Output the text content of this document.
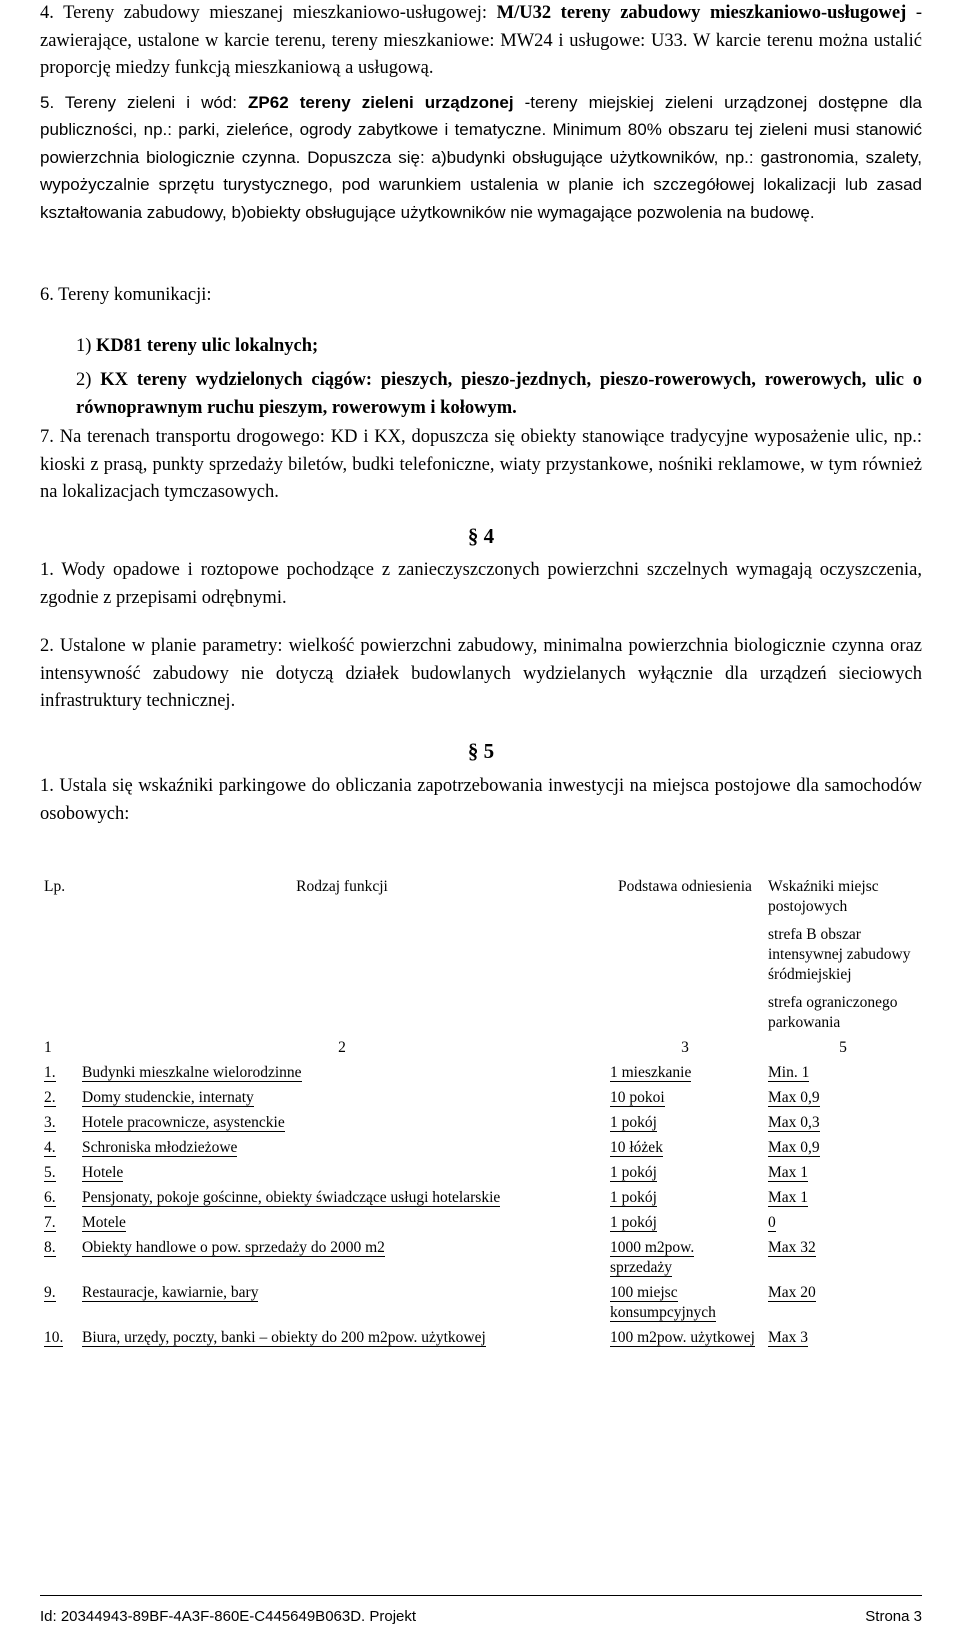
4. Tereny zabudowy mieszanej mieszkaniowo-usługowej: M/U32 tereny zabudowy mieszkaniowo-usługowej - zawierające, ustalone w karcie terenu, tereny mieszkaniowe: MW24 i usługowe: U33. W karcie terenu można ustalić proporcję miedzy funkcją mieszkaniową a usługową.

5. Tereny zieleni i wód: ZP62 tereny zieleni urządzonej -tereny miejskiej zieleni urządzonej dostępne dla publiczności, np.: parki, zieleńce, ogrody zabytkowe i tematyczne. Minimum 80% obszaru tej zieleni musi stanowić powierzchnia biologicznie czynna. Dopuszcza się: a)budynki obsługujące użytkowników, np.: gastronomia, szalety, wypożyczalnie sprzętu turystycznego, pod warunkiem ustalenia w planie ich szczegółowej lokalizacji lub zasad kształtowania zabudowy, b)obiekty obsługujące użytkowników nie wymagające pozwolenia na budowę.

6. Tereny komunikacji:

1) KD81 tereny ulic lokalnych;

2) KX tereny wydzielonych ciągów: pieszych, pieszo-jezdnych, pieszo-rowerowych, rowerowych, ulic o równoprawnym ruchu pieszym, rowerowym i kołowym.

7. Na terenach transportu drogowego: KD i KX, dopuszcza się obiekty stanowiące tradycyjne wyposażenie ulic, np.: kioski z prasą, punkty sprzedaży biletów, budki telefoniczne, wiaty przystankowe, nośniki reklamowe, w tym również na lokalizacjach tymczasowych.

§ 4

1. Wody opadowe i roztopowe pochodzące z zanieczyszczonych powierzchni szczelnych wymagają oczyszczenia, zgodnie z przepisami odrębnymi.

2. Ustalone w planie parametry: wielkość powierzchni zabudowy, minimalna powierzchnia biologicznie czynna oraz intensywność zabudowy nie dotyczą działek budowlanych wydzielanych wyłącznie dla urządzeń sieciowych infrastruktury technicznej.

§ 5

1. Ustala się wskaźniki parkingowe do obliczania zapotrzebowania inwestycji na miejsca postojowe dla samochodów osobowych:

Lp.	Rodzaj funkcji	Podstawa odniesienia	Wskaźniki miejsc postojowych
strefa B obszar intensywnej zabudowy śródmiejskiej
strefa ograniczonego parkowania

1	2	3	5
1.	Budynki mieszkalne wielorodzinne	1 mieszkanie	Min. 1
2.	Domy studenckie, internaty	10 pokoi	Max 0,9
3.	Hotele pracownicze, asystenckie	1 pokój	Max 0,3
4.	Schroniska młodzieżowe	10 łóżek	Max 0,9
5.	Hotele	1 pokój	Max 1
6.	Pensjonaty, pokoje gościnne, obiekty świadczące usługi hotelarskie	1 pokój	Max 1
7.	Motele	1 pokój	0
8.	Obiekty handlowe o pow. sprzedaży do 2000 m2	1000 m2pow. sprzedaży	Max 32
9.	Restauracje, kawiarnie, bary	100 miejsc konsumpcyjnych	Max 20
10.	Biura, urzędy, poczty, banki – obiekty do 200 m2pow. użytkowej	100 m2pow. użytkowej	Max 3
Id: 20344943-89BF-4A3F-860E-C445649B063D. Projekt	Strona 3
